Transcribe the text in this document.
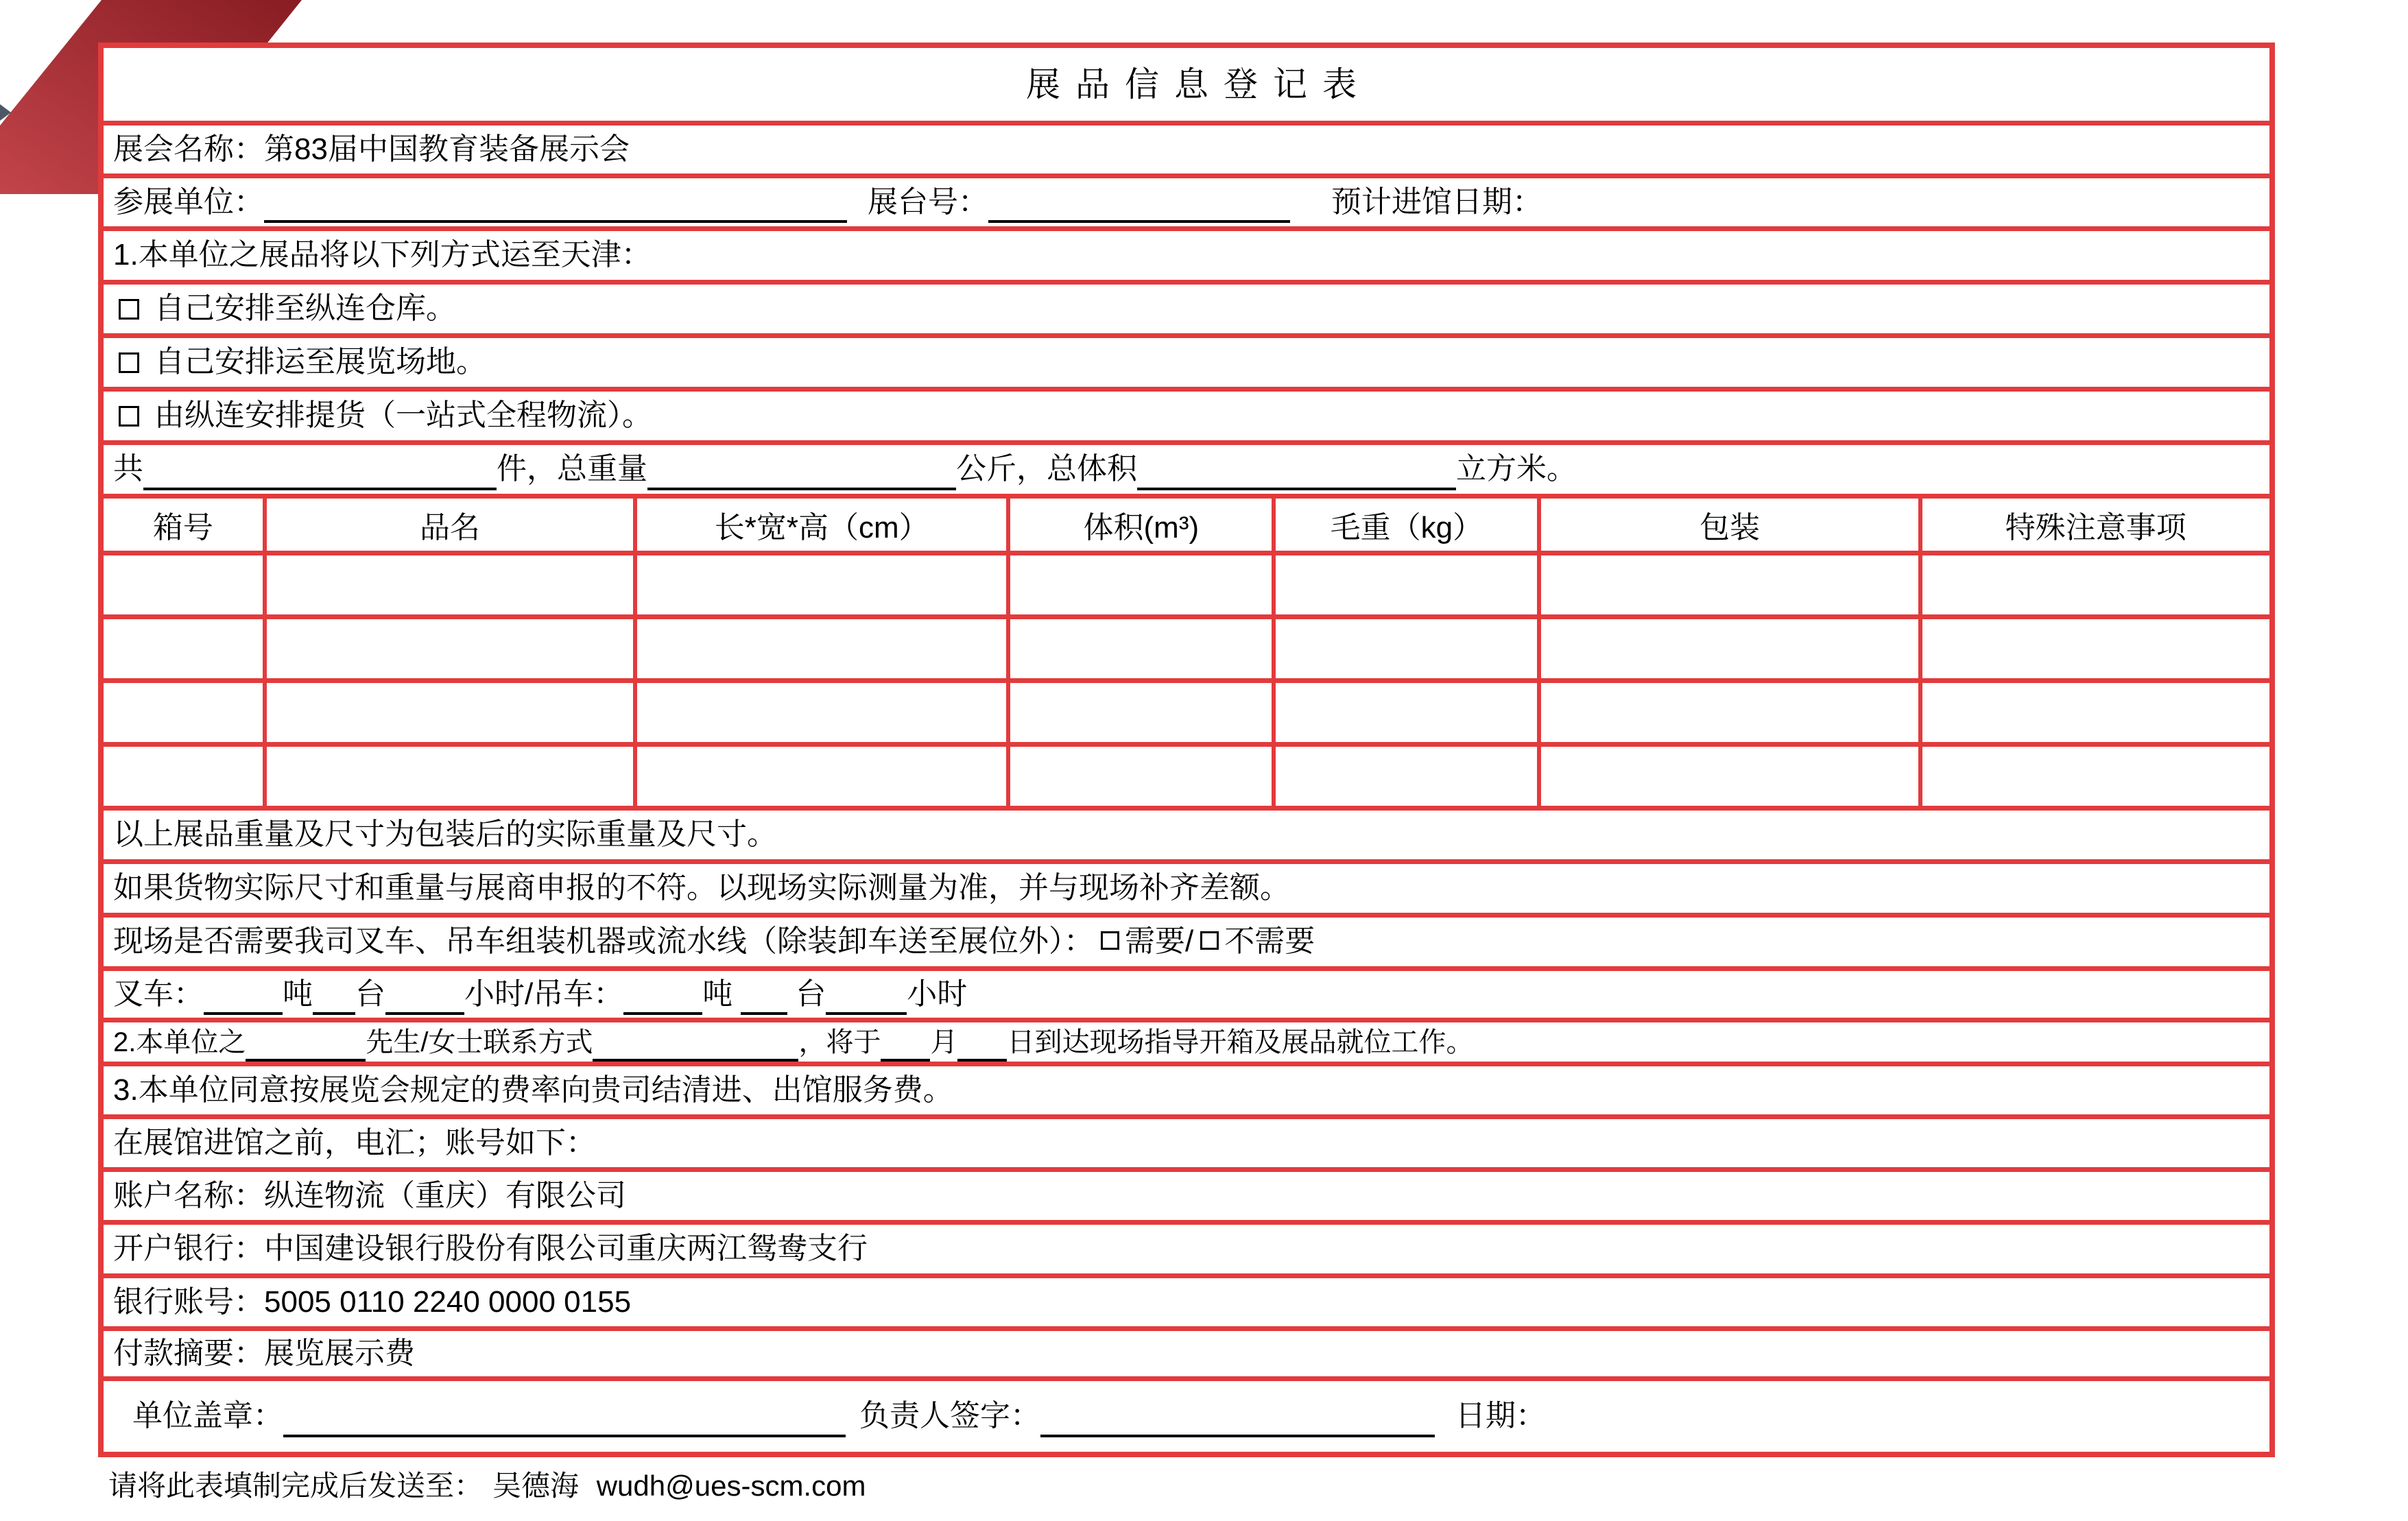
展品信息登记表
展会名称： 第83届中国教育装备展示会
参展单位：	展台号：	预计进馆日期：
1.本单位之展品将以下列方式运至天津：
自己安排至纵连仓库。
自己安排运至展览场地。
由纵连安排提货（一站式全程物流）。
共	件，总重量	公斤，总体积	立方米。
箱号	品名	长*宽*高（cm）	体积(m³)	毛重（kg）	包装	特殊注意事项
以上展品重量及尺寸为包装后的实际重量及尺寸。
如果货物实际尺寸和重量与展商申报的不符。以现场实际测量为准，并与现场补齐差额。
现场是否需要我司叉车、吊车组装机器或流水线（除装卸车送至展位外）： 需要 / 不需要
叉车：	吨 台	小时/吊车：	吨 台	小时
2.本单位之	先生/女士联系方式	，将于 月 日到达现场指导开箱及展品就位工作。
3.本单位同意按展览会规定的费率向贵司结清进、出馆服务费。
在展馆进馆之前，电汇；账号如下：
账户名称： 纵连物流（重庆）有限公司
开户银行： 中国建设银行股份有限公司重庆两江鸳鸯支行
银行账号： 5005 0110 2240 0000 0155
付款摘要： 展览展示费
单位盖章：	负责人签字：	日期：
请将此表填制完成后发送至： 吴德海 wudh@ues-scm.com
